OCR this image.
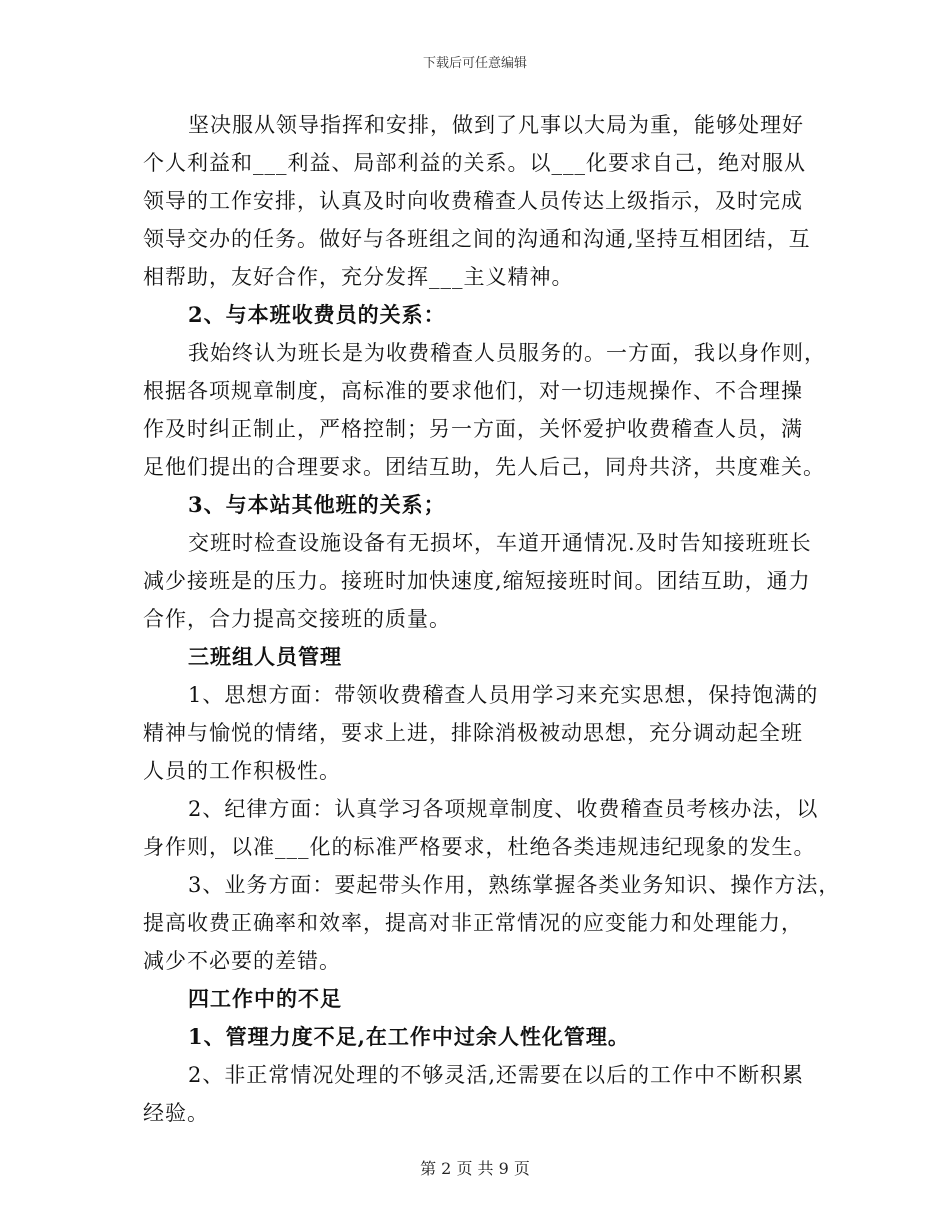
下载后可任意编辑
坚决服从领导指挥和安排，做到了凡事以大局为重，能够处理好
个人利益和___利益、局部利益的关系。以___化要求自己，绝对服从
领导的工作安排，认真及时向收费稽查人员传达上级指示，及时完成
领导交办的任务。做好与各班组之间的沟通和沟通,坚持互相团结，互
相帮助，友好合作，充分发挥___主义精神。
2、与本班收费员的关系：
我始终认为班长是为收费稽查人员服务的。一方面，我以身作则，
根据各项规章制度，高标准的要求他们，对一切违规操作、不合理操
作及时纠正制止，严格控制；另一方面，关怀爱护收费稽查人员，满
足他们提出的合理要求。团结互助，先人后己，同舟共济，共度难关。
3、与本站其他班的关系；
交班时检查设施设备有无损坏，车道开通情况.及时告知接班班长
减少接班是的压力。接班时加快速度,缩短接班时间。团结互助，通力
合作，合力提高交接班的质量。
三班组人员管理
1、思想方面：带领收费稽查人员用学习来充实思想，保持饱满的
精神与愉悦的情绪，要求上进，排除消极被动思想，充分调动起全班
人员的工作积极性。
2、纪律方面：认真学习各项规章制度、收费稽查员考核办法，以
身作则，以准___化的标准严格要求，杜绝各类违规违纪现象的发生。
3、业务方面：要起带头作用，熟练掌握各类业务知识、操作方法，
提高收费正确率和效率，提高对非正常情况的应变能力和处理能力，
减少不必要的差错。
四工作中的不足
1、管理力度不足,在工作中过余人性化管理。
2、非正常情况处理的不够灵活,还需要在以后的工作中不断积累
经验。
第 2 页 共 9 页
